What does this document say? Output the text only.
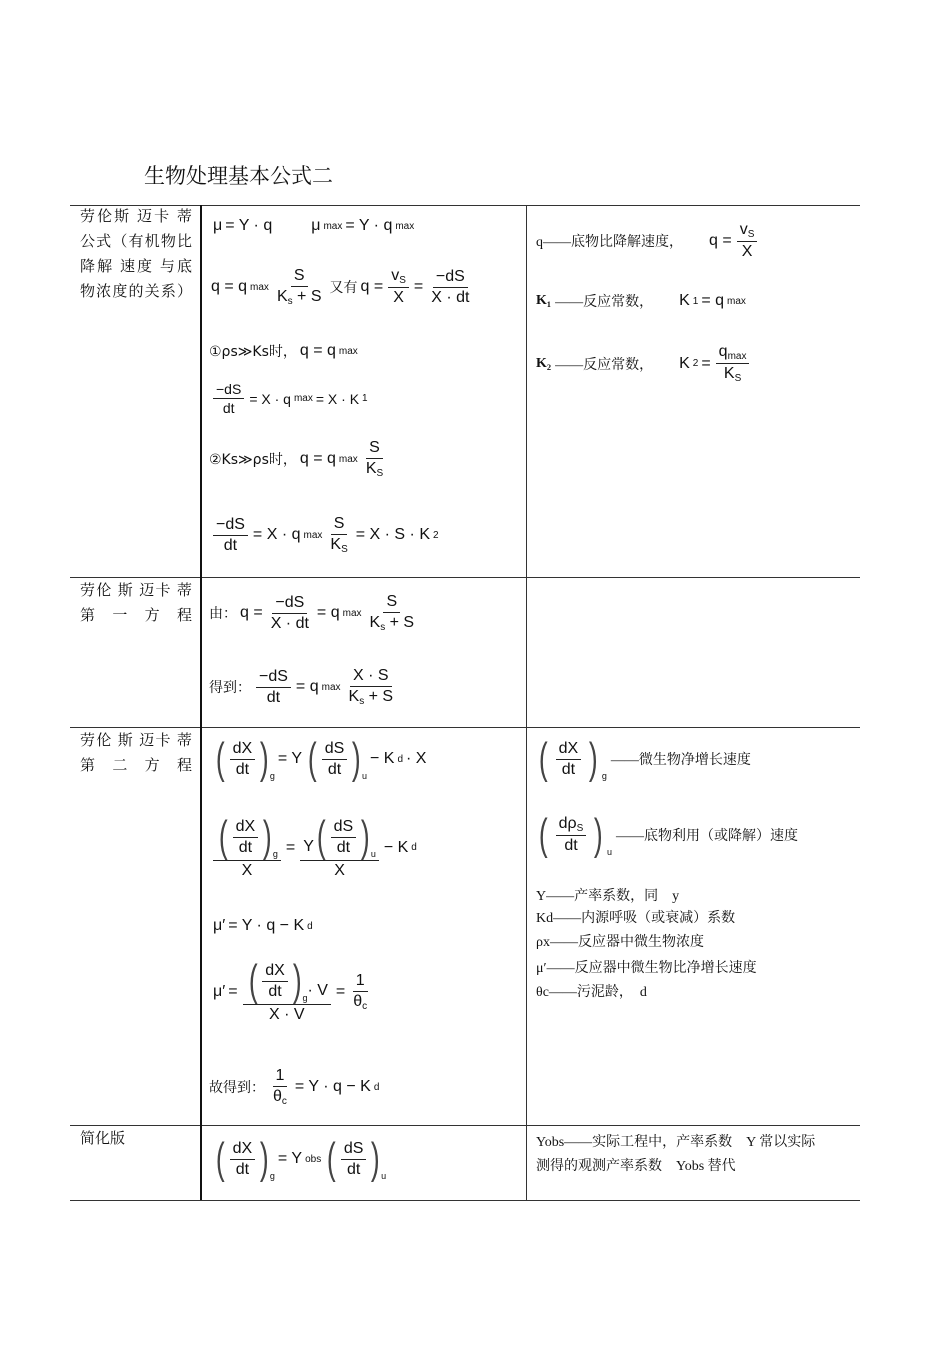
生物处理基本公式二
劳伦斯 迈卡 蒂公式（有机物比降解 速度 与底物浓度的关系）
劳伦 斯 迈卡 蒂第一方程
劳伦 斯 迈卡 蒂第二方程
简化版
μ = Y · q μ max = Y · q max
q = q $\max \frac{S}{K_s + S}$ 又有 $q = \frac{v_S}{X} = \frac{-dS}{X \cdot dt}$
①ρs≫Ks时， q = q max
$\frac{-dS}{dt} = X \cdot q$ max = X · K 1
②Ks≫ρs时， q = q $\max \frac{S}{K_S}$
$\frac{-dS}{dt} = X \cdot q$ $\max \frac{S}{K_S} = X \cdot S \cdot K$ 2
q——底物比降解速度， $q = \frac{v_S}{X}$
K₁ ——反应常数， K 1 = q max
K₂ ——反应常数， K $2 = \frac{q_{max}}{K_S}$
由： $q = \frac{-dS}{X \cdot dt} = q$ $\max \frac{S}{K_s + S}$
得到： $\frac{-dS}{dt} = q$ $\max \frac{X \cdot S}{K_s + S}$
( $\frac{dX}{dt}$ ) g
= Y ( $\frac{dS}{dt}$ ) u
− K d · X
$\frac{( \frac{dX}{dt} ) g}{X} = \frac{Y ( \frac{dS}{dt} ) u}{X} - K$ d
μ′ = Y · q − K d
$\mu' = \frac{( \frac{dX}{dt} ) g \cdot V}{X \cdot V} = \frac{1}{\theta_c}$
故得到： $\frac{1}{\theta_c} = Y \cdot q - K$ d
( $\frac{dX}{dt}$ ) g
——微生物净增长速度
( $\frac{d\rho_S}{dt}$ ) u
——底物利用（或降解）速度
Y——产率系数，同　y
Kd——内源呼吸（或衰减）系数
ρx——反应器中微生物浓度
μ′——反应器中微生物比净增长速度
θc——污泥龄，　d
( $\frac{dX}{dt}$ ) g
= Y obs ( $\frac{dS}{dt}$ ) u
Yobs——实际工程中，产率系数　Y 常以实际
测得的观测产率系数　Yobs 替代
